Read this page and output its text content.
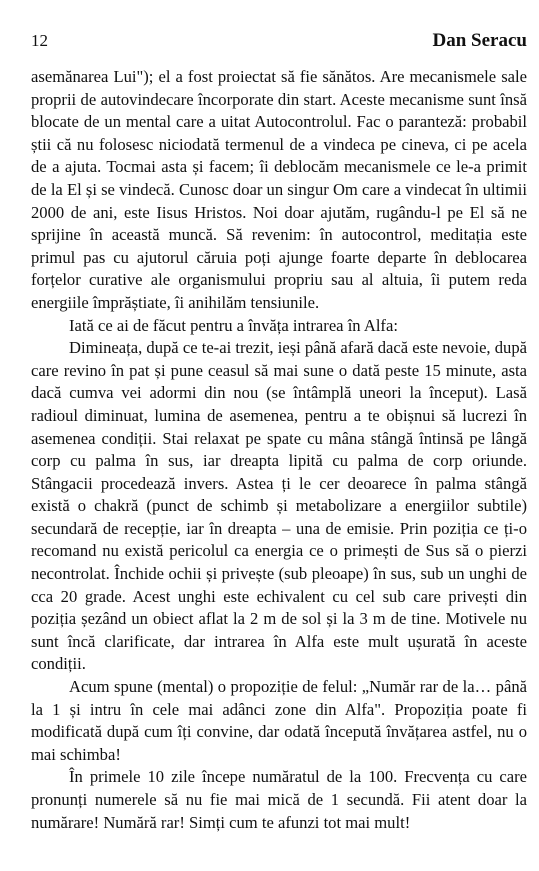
12	Dan Seracu

asemănarea Lui"); el a fost proiectat să fie sănătos. Are mecanismele sale proprii de autovindecare încorporate din start. Aceste mecanisme sunt însă blocate de un mental care a uitat Autocontrolul. Fac o paranteză: probabil știi că nu folosesc niciodată termenul de a vindeca pe cineva, ci pe acela de a ajuta. Tocmai asta și facem; îi deblocăm mecanismele ce le-a primit de la El și se vindecă. Cunosc doar un singur Om care a vindecat în ultimii 2000 de ani, este Iisus Hristos. Noi doar ajutăm, rugându-l pe El să ne sprijine în această muncă. Să revenim: în autocontrol, meditația este primul pas cu ajutorul căruia poți ajunge foarte departe în deblocarea forțelor curative ale organismului propriu sau al altuia, îi putem reda energiile împrăștiate, îi anihilăm tensiunile.

Iată ce ai de făcut pentru a învăța intrarea în Alfa:

Dimineața, după ce te-ai trezit, ieși până afară dacă este nevoie, după care revino în pat și pune ceasul să mai sune o dată peste 15 minute, asta dacă cumva vei adormi din nou (se întâmplă uneori la început). Lasă radioul diminuat, lumina de asemenea, pentru a te obișnui să lucrezi în asemenea condiții. Stai relaxat pe spate cu mâna stângă întinsă pe lângă corp cu palma în sus, iar dreapta lipită cu palma de corp oriunde. Stângacii procedează invers. Astea ți le cer deoarece în palma stângă există o chakră (punct de schimb și metabolizare a energiilor subtile) secundară de recepție, iar în dreapta – una de emisie. Prin poziția ce ți-o recomand nu există pericolul ca energia ce o primești de Sus să o pierzi necontrolat. Închide ochii și privește (sub pleoape) în sus, sub un unghi de cca 20 grade. Acest unghi este echivalent cu cel sub care privești din poziția șezând un obiect aflat la 2 m de sol și la 3 m de tine. Motivele nu sunt încă clarificate, dar intrarea în Alfa este mult ușurată în aceste condiții.

Acum spune (mental) o propoziție de felul: „Număr rar de la… până la 1 și intru în cele mai adânci zone din Alfa". Propoziția poate fi modificată după cum îți convine, dar odată începută învățarea astfel, nu o mai schimba!

În primele 10 zile începe număratul de la 100. Frecvența cu care pronunți numerele să nu fie mai mică de 1 secundă. Fii atent doar la numărare! Numără rar! Simți cum te afunzi tot mai mult!
